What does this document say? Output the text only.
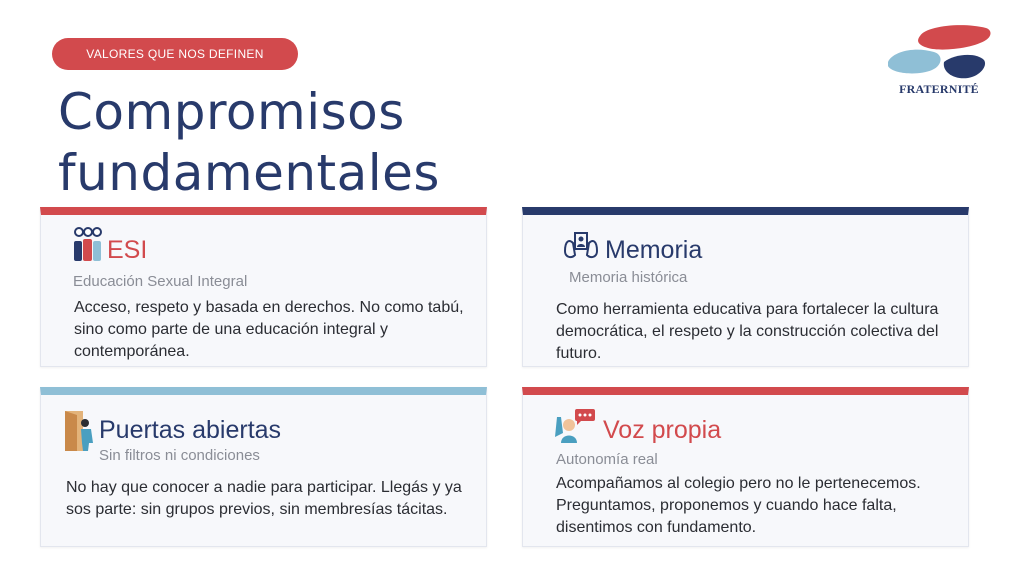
VALORES QUE NOS DEFINEN
Compromisos
fundamentales
FRATERNITÉ
ESI
Educación Sexual Integral
Acceso, respeto y basada en derechos. No como tabú, sino como parte de una educación integral y contemporánea.
Memoria
Memoria histórica
Como herramienta educativa para fortalecer la cultura democrática, el respeto y la construcción colectiva del futuro.
Puertas abiertas
Sin filtros ni condiciones
No hay que conocer a nadie para participar. Llegás y ya sos parte: sin grupos previos, sin membresías tácitas.
Voz propia
Autonomía real
Acompañamos al colegio pero no le pertenecemos. Preguntamos, proponemos y cuando hace falta, disentimos con fundamento.
